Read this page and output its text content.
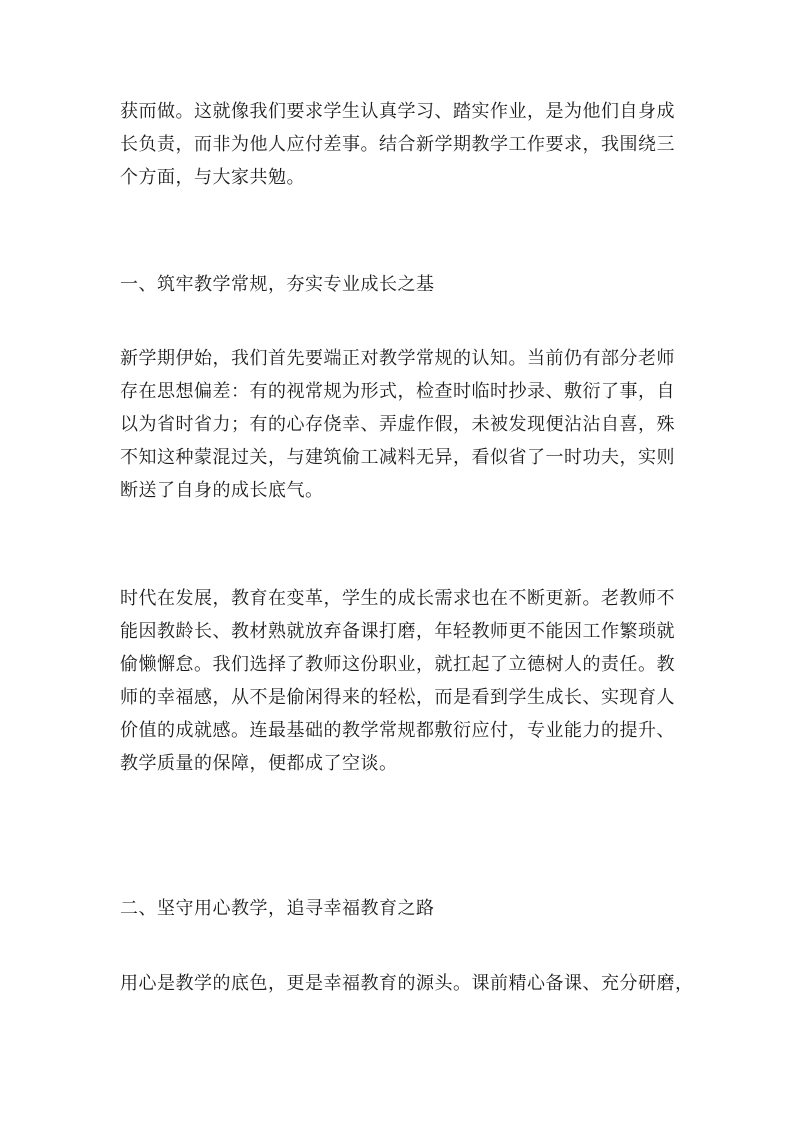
获而做。这就像我们要求学生认真学习、踏实作业，是为他们自身成
长负责，而非为他人应付差事。结合新学期教学工作要求，我围绕三
个方面，与大家共勉。
一、筑牢教学常规，夯实专业成长之基
新学期伊始，我们首先要端正对教学常规的认知。当前仍有部分老师
存在思想偏差：有的视常规为形式，检查时临时抄录、敷衍了事，自
以为省时省力；有的心存侥幸、弄虚作假，未被发现便沾沾自喜，殊
不知这种蒙混过关，与建筑偷工减料无异，看似省了一时功夫，实则
断送了自身的成长底气。
时代在发展，教育在变革，学生的成长需求也在不断更新。老教师不
能因教龄长、教材熟就放弃备课打磨，年轻教师更不能因工作繁琐就
偷懒懈怠。我们选择了教师这份职业，就扛起了立德树人的责任。教
师的幸福感，从不是偷闲得来的轻松，而是看到学生成长、实现育人
价值的成就感。连最基础的教学常规都敷衍应付，专业能力的提升、
教学质量的保障，便都成了空谈。
二、坚守用心教学，追寻幸福教育之路
用心是教学的底色，更是幸福教育的源头。课前精心备课、充分研磨，
